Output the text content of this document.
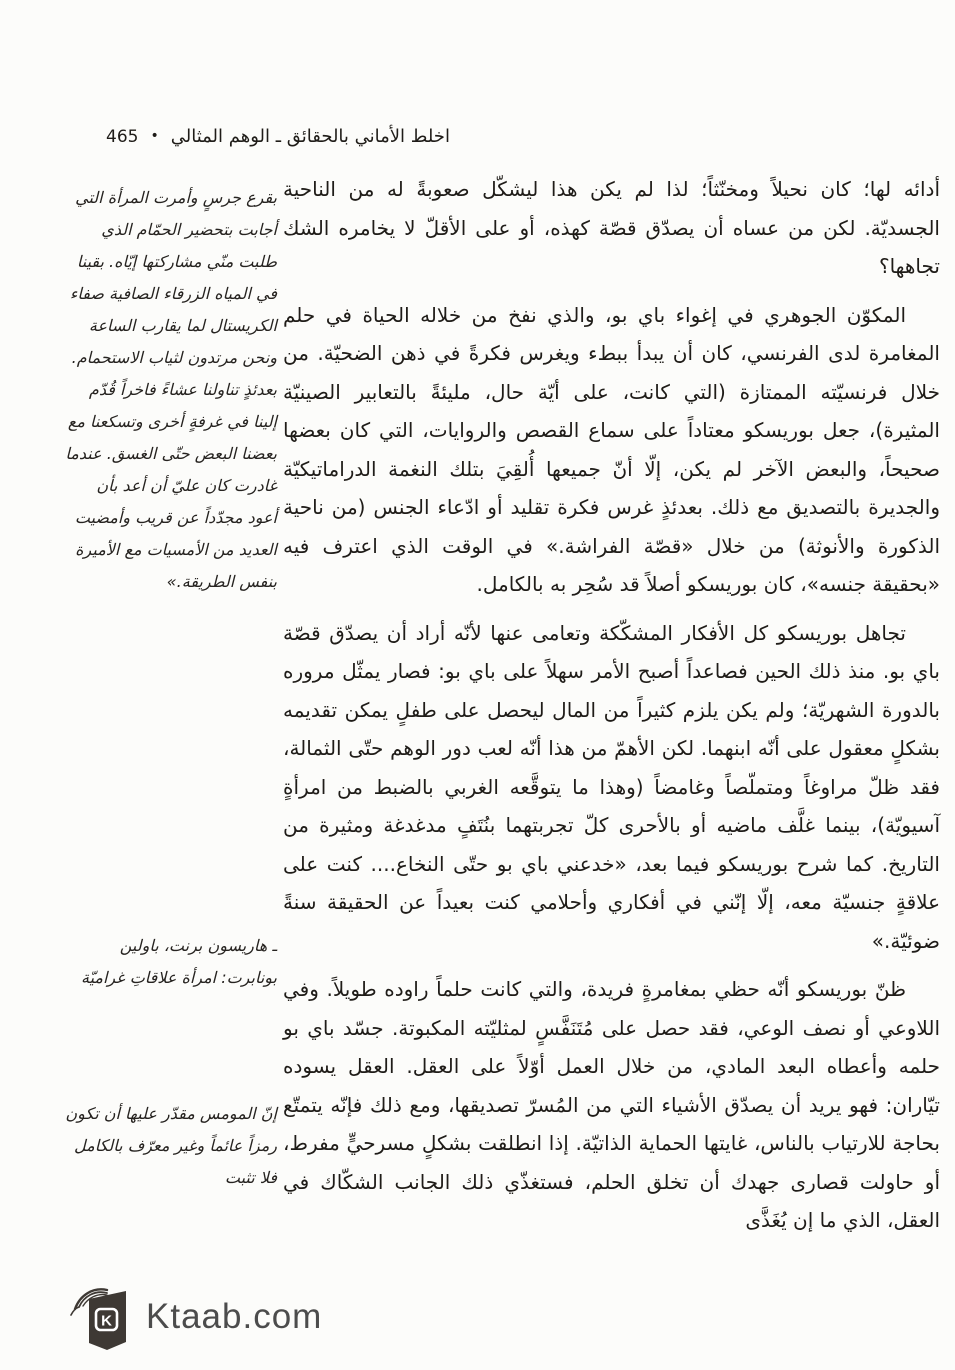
اخلط الأماني بالحقائق ـ الوهم المثالي•465

أدائه لها؛ كان نحيلاً ومخنّثاً؛ لذا لم يكن هذا ليشكّل صعوبةً له من الناحية الجسديّة. لكن من عساه أن يصدّق قصّة كهذه، أو على الأقلّ لا يخامره الشك تجاهها؟

المكوّن الجوهري في إغواء باي بو، والذي نفخ من خلاله الحياة في حلم المغامرة لدى الفرنسي، كان أن يبدأ ببطء ويغرس فكرةً في ذهن الضحيّة. من خلال فرنسيّته الممتازة (التي كانت، على أيّة حال، مليئةً بالتعابير الصينيّة المثيرة)، جعل بوريسكو معتاداً على سماع القصص والروايات، التي كان بعضها صحيحاً، والبعض الآخر لم يكن، إلّا أنّ جميعها أُلقِيَ بتلك النغمة الدراماتيكيّة والجديرة بالتصديق مع ذلك. بعدئذٍ غرس فكرة تقليد أو ادّعاء الجنس (من ناحية الذكورة والأنوثة) من خلال «قصّة الفراشة.» في الوقت الذي اعترف فيه «بحقيقة جنسه»، كان بوريسكو أصلاً قد سُحِر به بالكامل.

تجاهل بوريسكو كل الأفكار المشكّكة وتعامى عنها لأنّه أراد أن يصدّق قصّة باي بو. منذ ذلك الحين فصاعداً أصبح الأمر سهلاً على باي بو: فصار يمثّل مروره بالدورة الشهريّة؛ ولم يكن يلزم كثيراً من المال ليحصل على طفلٍ يمكن تقديمه بشكلٍ معقول على أنّه ابنهما. لكن الأهمّ من هذا أنّه لعب دور الوهم حتّى الثمالة، فقد ظلّ مراوغاً ومتملّصاً وغامضاً (وهذا ما يتوقَّعه الغربي بالضبط من امرأةٍ آسيويّة)، بينما غلَّف ماضيه أو بالأحرى كلّ تجربتهما بنُتَفٍ مدغدغة ومثيرة من التاريخ. كما شرح بوريسكو فيما بعد، «خدعني باي بو حتّى النخاع.... كنت على علاقةٍ جنسيّة معه، إلّا إنّني في أفكاري وأحلامي كنت بعيداً عن الحقيقة سنةً ضوئيّة.»

ظنّ بوريسكو أنّه حظي بمغامرةٍ فريدة، والتي كانت حلماً راوده طويلاً. وفي اللاوعي أو نصف الوعي، فقد حصل على مُتَنَفَّسٍ لمثليّته المكبوتة. جسّد باي بو حلمه وأعطاه البعد المادي، من خلال العمل أوّلاً على العقل. العقل يسوده تيّاران: فهو يريد أن يصدّق الأشياء التي من المُسرّ تصديقها، ومع ذلك فإنّه يتمتّع بحاجة للارتياب بالناس، غايتها الحماية الذاتيّة. إذا انطلقت بشكلٍ مسرحيٍّ مفرط، أو حاولت قصارى جهدك أن تخلق الحلم، فستغذّي ذلك الجانب الشكّاك في العقل، الذي ما إن يُغَذَّى

بقرع جرسٍ وأمرت المرأة التي أجابت بتحضير الحمّام الذي طلبت منّي مشاركتها إيّاه. بقينا في المياه الزرقاء الصافية صفاء الكريستال لما يقارب الساعة ونحن مرتدون لثياب الاستحمام. بعدئذٍ تناولنا عشاءً فاخراً قُدّم إلينا في غرفةٍ أخرى وتسكعنا مع بعضنا البعض حتّى الغسق. عندما غادرت كان عليّ أن أعد بأن أعود مجدّداً عن قريب وأمضيت العديد من الأمسيات مع الأميرة بنفس الطريقة.»
ـ هاريسون برنت، باولين بونابرت: امرأة علاقاتِ غراميّة
إنّ المومس مقدّر عليها أن تكون رمزاً عائماً وغير معرّف بالكامل فلا تثبت
K Ktaab.com
